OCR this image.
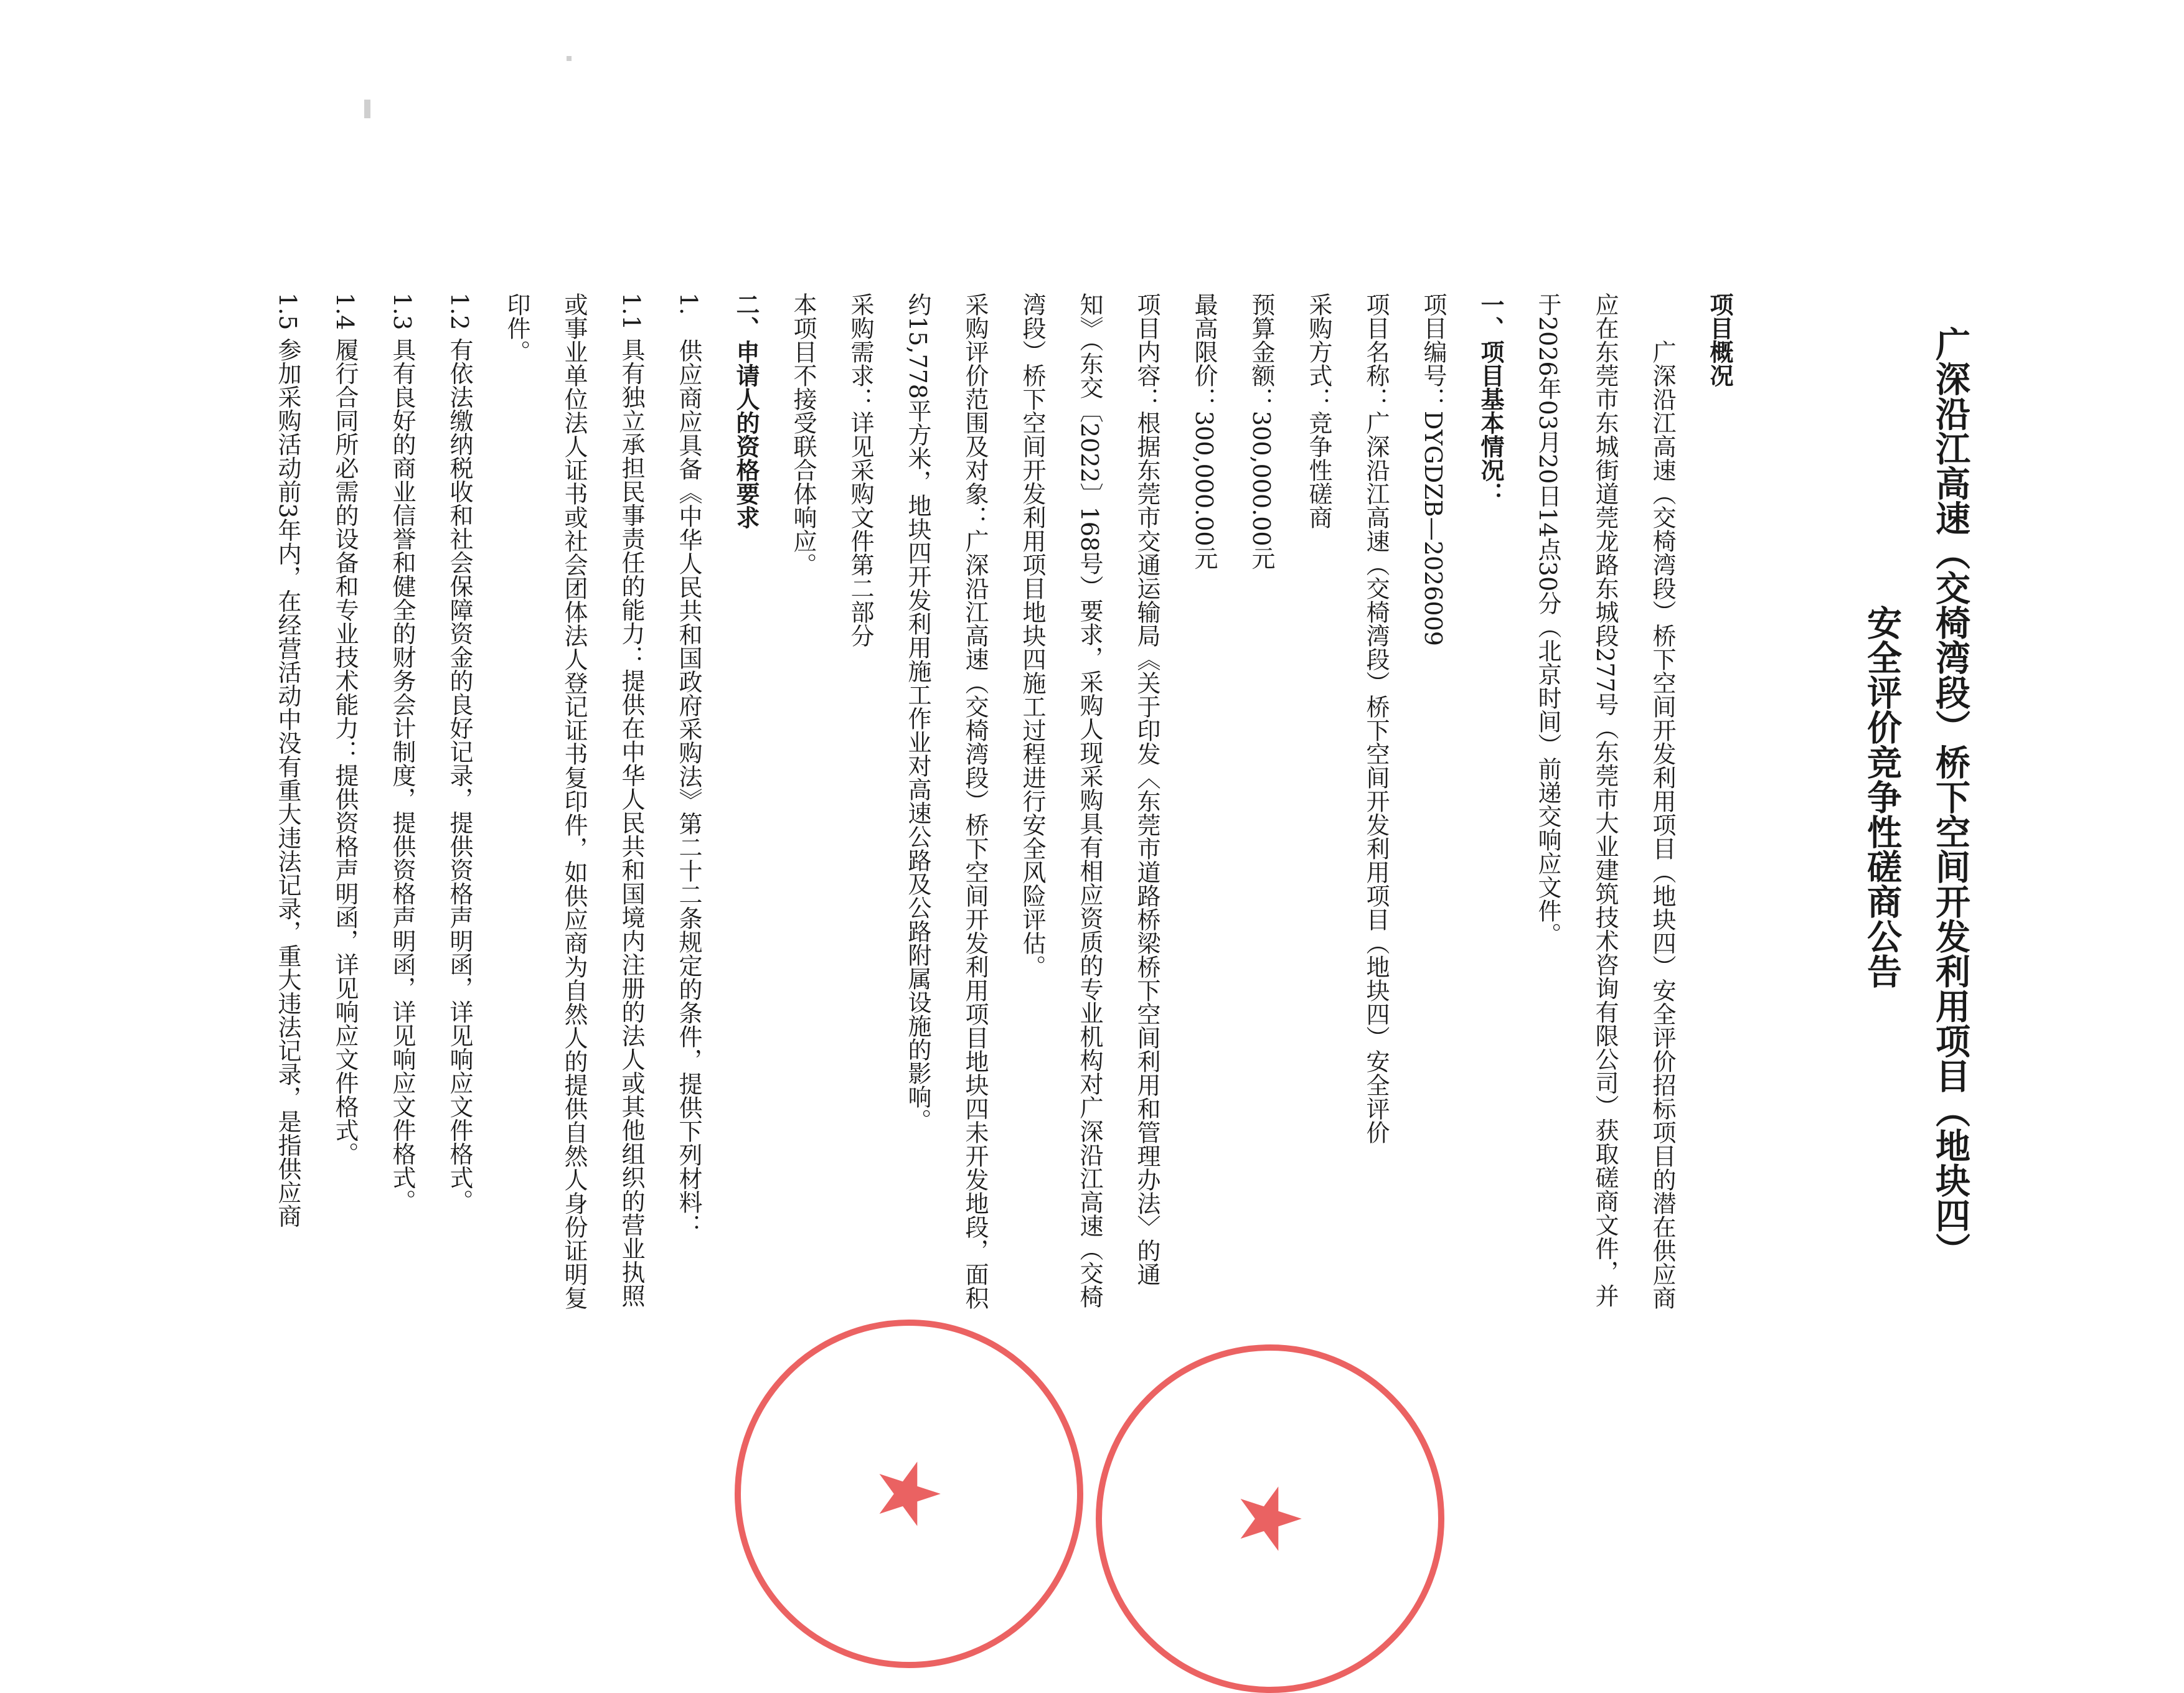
广深沿江高速（交椅湾段）桥下空间开发利用项目（地块四）

安全评价竞争性磋商公告

项目概况

广深沿江高速（交椅湾段）桥下空间开发利用项目（地块四）安全评价招标项目的潜在供应商应在东莞市东城街道莞龙路东城段277号（东莞市大业建筑技术咨询有限公司）获取磋商文件，并于2026年03月20日14点30分（北京时间）前递交响应文件。

一、项目基本情况：

项目编号：DYGDZB—2026009

项目名称：广深沿江高速（交椅湾段）桥下空间开发利用项目（地块四）安全评价

采购方式：竞争性磋商

预算金额：300,000.00元

最高限价：300,000.00元

项目内容：根据东莞市交通运输局《关于印发〈东莞市道路桥梁桥下空间利用和管理办法〉的通知》（东交〔2022〕168号）要求，采购人现采购具有相应资质的专业机构对广深沿江高速（交椅湾段）桥下空间开发利用项目地块四施工过程进行安全风险评估。

采购评价范围及对象：广深沿江高速（交椅湾段）桥下空间开发利用项目地块四未开发地段，面积约15,778平方米，地块四开发利用施工作业对高速公路及公路附属设施的影响。

采购需求：详见采购文件第二部分

本项目不接受联合体响应。

二、申请人的资格要求

1.　供应商应具备《中华人民共和国政府采购法》第二十二条规定的条件，提供下列材料：

1.1 具有独立承担民事责任的能力：提供在中华人民共和国境内注册的法人或其他组织的营业执照或事业单位法人证书或社会团体法人登记证书复印件，如供应商为自然人的提供自然人身份证明复印件。

1.2 有依法缴纳税收和社会保障资金的良好记录，提供资格声明函，详见响应文件格式。

1.3 具有良好的商业信誉和健全的财务会计制度，提供资格声明函，详见响应文件格式。

1.4 履行合同所必需的设备和专业技术能力：提供资格声明函，详见响应文件格式。

1.5 参加采购活动前3年内，在经营活动中没有重大违法记录，重大违法记录，是指供应商

★	★
